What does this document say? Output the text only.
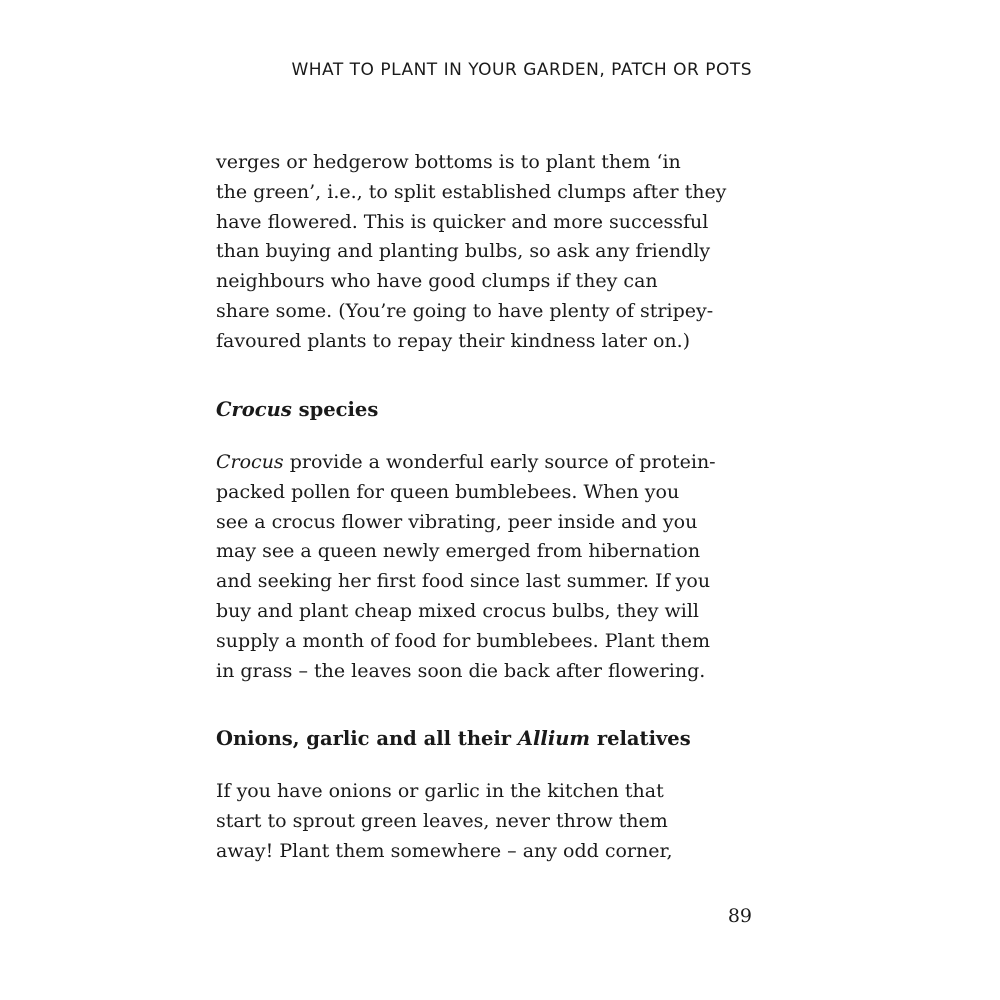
WHAT TO PLANT IN YOUR GARDEN, PATCH OR POTS
verges or hedgerow bottoms is to plant them ‘in
the green’, i.e., to split established clumps after they
have flowered. This is quicker and more successful
than buying and planting bulbs, so ask any friendly
neighbours who have good clumps if they can
share some. (You’re going to have plenty of stripey-
favoured plants to repay their kindness later on.)
Crocus species
Crocus provide a wonderful early source of protein-
packed pollen for queen bumblebees. When you
see a crocus flower vibrating, peer inside and you
may see a queen newly emerged from hibernation
and seeking her first food since last summer. If you
buy and plant cheap mixed crocus bulbs, they will
supply a month of food for bumblebees. Plant them
in grass – the leaves soon die back after flowering.
Onions, garlic and all their Allium relatives
If you have onions or garlic in the kitchen that
start to sprout green leaves, never throw them
away! Plant them somewhere – any odd corner,
89
